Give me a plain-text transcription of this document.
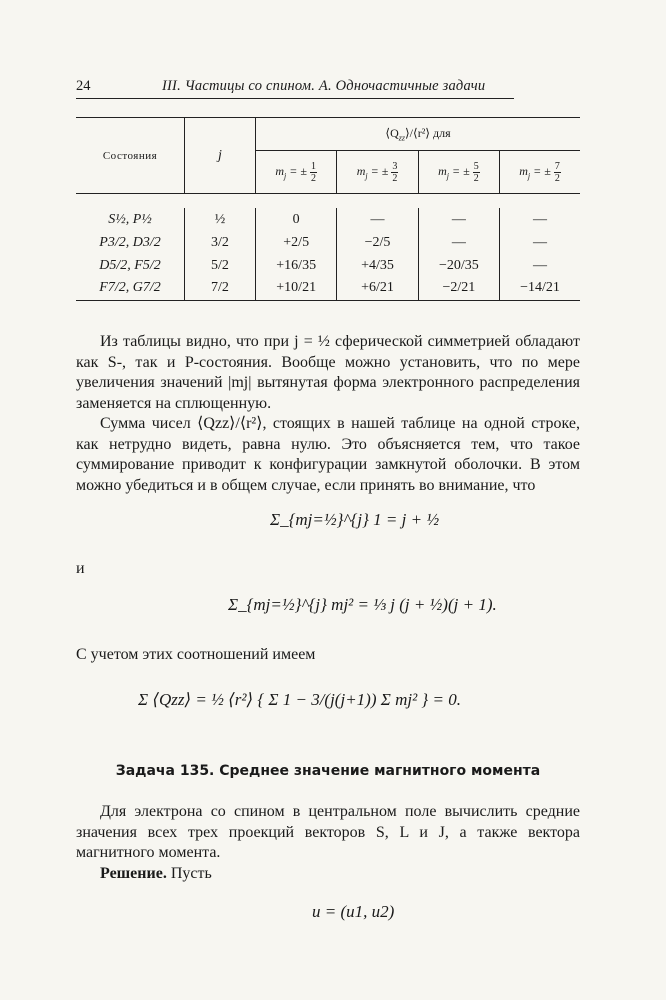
24	III. Частицы со спином. А. Одночастичные задачи
Состояния	j	$⟨Q_{zz}⟩/⟨r^2⟩$ для			
		$m_j$ = ± $\frac{1}{2}$	$m_j$ = ± $\frac{3}{2}$	$m_j$ = ± $\frac{5}{2}$	$m_j$ = ± $\frac{7}{2}$

S½, P½	½	0	—	—	—
P3/2, D3/2	3/2	+2/5	−2/5	—	—
D5/2, F5/2	5/2	+16/35	+4/35	−20/35	—
F7/2, G7/2	7/2	+10/21	+6/21	−2/21	−14/21
Из таблицы видно, что при j = ½ сферической симметрией обладают как S-, так и P-состояния. Вообще можно установить, что по мере увеличения значений |mj| вытянутая форма электронного распределения заменяется на сплющенную.
Сумма чисел ⟨Qzz⟩/⟨r²⟩, стоящих в нашей таблице на одной строке, как нетрудно видеть, равна нулю. Это объясняется тем, что такое суммирование приводит к конфигурации замкнутой оболочки. В этом можно убедиться и в общем случае, если принять во внимание, что
Σ_{mj=½}^{j} 1 = j + ½
и
Σ_{mj=½}^{j} mj² = ⅓ j (j + ½)(j + 1).
С учетом этих соотношений имеем
Σ ⟨Qzz⟩ = ½ ⟨r²⟩ { Σ 1 − 3/(j(j+1)) Σ mj² } = 0.
Задача 135. Среднее значение магнитного момента
Для электрона со спином в центральном поле вычислить средние значения всех трех проекций векторов S, L и J, а также вектора магнитного момента.
Решение. Пусть
u = (u1, u2)
